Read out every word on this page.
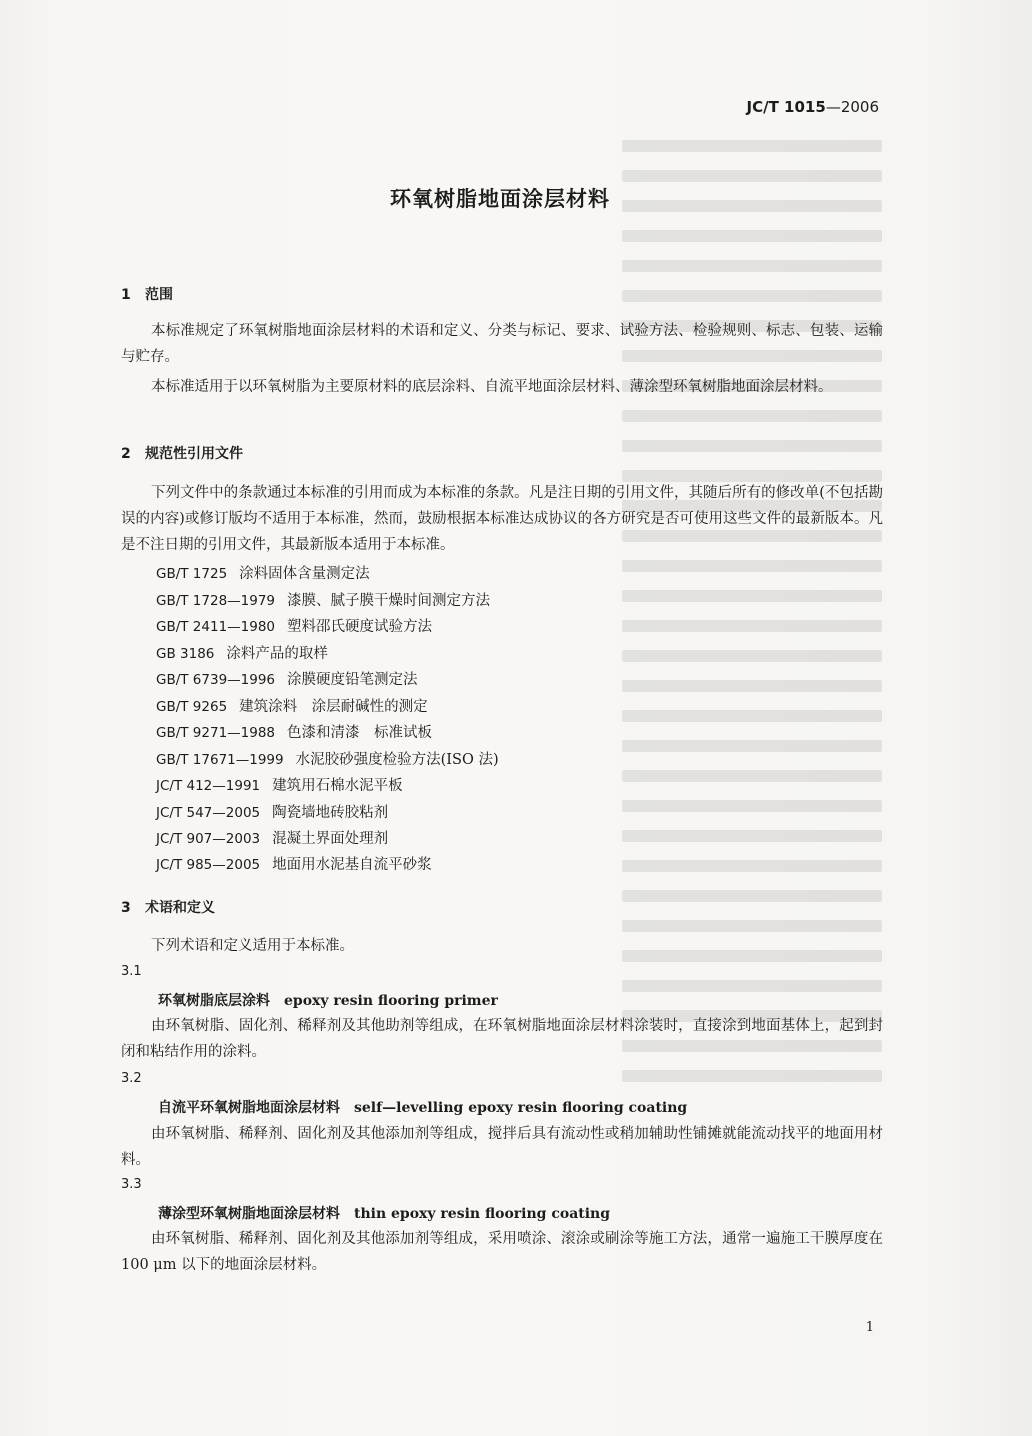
JC/T 1015—2006
环氧树脂地面涂层材料
1 范围
本标准规定了环氧树脂地面涂层材料的术语和定义、分类与标记、要求、试验方法、检验规则、标志、包装、运输与贮存。
本标准适用于以环氧树脂为主要原材料的底层涂料、自流平地面涂层材料、薄涂型环氧树脂地面涂层材料。
2 规范性引用文件
下列文件中的条款通过本标准的引用而成为本标准的条款。凡是注日期的引用文件，其随后所有的修改单(不包括勘误的内容)或修订版均不适用于本标准，然而，鼓励根据本标准达成协议的各方研究是否可使用这些文件的最新版本。凡是不注日期的引用文件，其最新版本适用于本标准。
GB/T 1725 涂料固体含量测定法
GB/T 1728—1979 漆膜、腻子膜干燥时间测定方法
GB/T 2411—1980 塑料邵氏硬度试验方法
GB 3186 涂料产品的取样
GB/T 6739—1996 涂膜硬度铅笔测定法
GB/T 9265 建筑涂料　涂层耐碱性的测定
GB/T 9271—1988 色漆和清漆　标准试板
GB/T 17671—1999 水泥胶砂强度检验方法(ISO 法)
JC/T 412—1991 建筑用石棉水泥平板
JC/T 547—2005 陶瓷墙地砖胶粘剂
JC/T 907—2003 混凝土界面处理剂
JC/T 985—2005 地面用水泥基自流平砂浆
3 术语和定义
下列术语和定义适用于本标准。
3.1
环氧树脂底层涂料 epoxy resin flooring primer
由环氧树脂、固化剂、稀释剂及其他助剂等组成，在环氧树脂地面涂层材料涂装时，直接涂到地面基体上，起到封闭和粘结作用的涂料。
3.2
自流平环氧树脂地面涂层材料 self—levelling epoxy resin flooring coating
由环氧树脂、稀释剂、固化剂及其他添加剂等组成，搅拌后具有流动性或稍加辅助性铺摊就能流动找平的地面用材料。
3.3
薄涂型环氧树脂地面涂层材料 thin epoxy resin flooring coating
由环氧树脂、稀释剂、固化剂及其他添加剂等组成，采用喷涂、滚涂或刷涂等施工方法，通常一遍施工干膜厚度在100 μm 以下的地面涂层材料。
1
